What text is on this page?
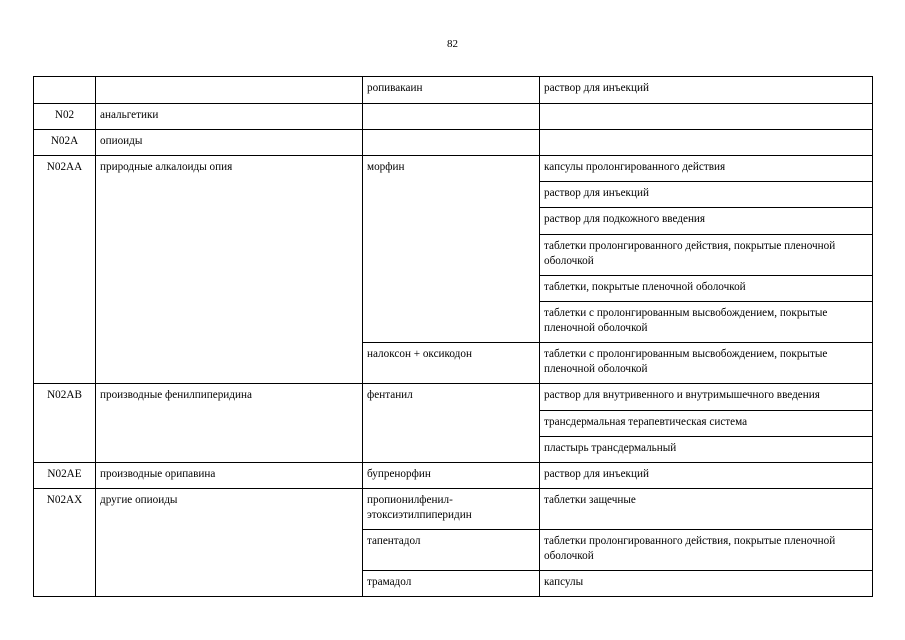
82
		ропивакаин	раствор для инъекций
N02	анальгетики		
N02A	опиоиды		
N02AA	природные алкалоиды опия	морфин	капсулы пролонгированного действия
			раствор для инъекций
			раствор для подкожного введения
			таблетки пролонгированного действия, покрытые пленочной оболочкой
			таблетки, покрытые пленочной оболочкой
			таблетки с пролонгированным высвобождением, покрытые пленочной оболочкой
		налоксон + оксикодон	таблетки с пролонгированным высвобождением, покрытые пленочной оболочкой
N02AB	производные фенилпиперидина	фентанил	раствор для внутривенного и внутримышечного введения
			трансдермальная терапевтическая система
			пластырь трансдермальный
N02AE	производные орипавина	бупренорфин	раствор для инъекций
N02AX	другие опиоиды	пропионилфенил-этоксиэтилпиперидин	таблетки защечные
		тапентадол	таблетки пролонгированного действия, покрытые пленочной оболочкой
		трамадол	капсулы
